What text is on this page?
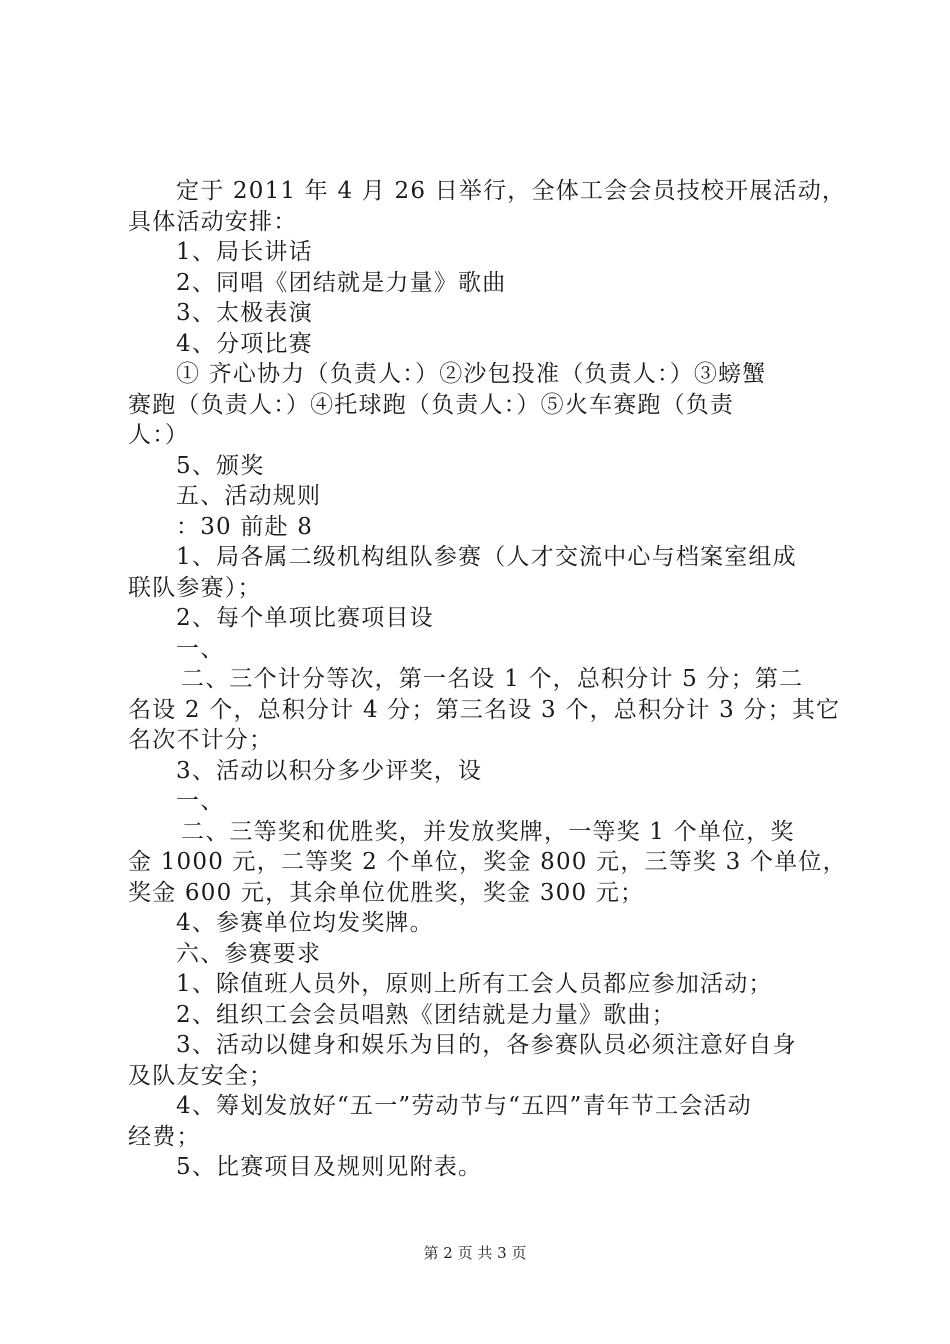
定于 2011 年 4 月 26 日举行，全体工会会员技校开展活动，
具体活动安排：
1、局长讲话
2、同唱《团结就是力量》歌曲
3、太极表演
4、分项比赛
① 齐心协力（负责人：）②沙包投准（负责人：）③螃蟹
赛跑（负责人：）④托球跑（负责人：）⑤火车赛跑（负责
人：）
5、颁奖
五、活动规则
：30 前赴 8
1、局各属二级机构组队参赛（人才交流中心与档案室组成
联队参赛）；
2、每个单项比赛项目设
一、
二、三个计分等次，第一名设 1 个，总积分计 5 分；第二
名设 2 个，总积分计 4 分；第三名设 3 个，总积分计 3 分；其它
名次不计分；
3、活动以积分多少评奖，设
一、
二、三等奖和优胜奖，并发放奖牌，一等奖 1 个单位，奖
金 1000 元，二等奖 2 个单位，奖金 800 元，三等奖 3 个单位，
奖金 600 元，其余单位优胜奖，奖金 300 元；
4、参赛单位均发奖牌。
六、参赛要求
1、除值班人员外，原则上所有工会人员都应参加活动；
2、组织工会会员唱熟《团结就是力量》歌曲；
3、活动以健身和娱乐为目的，各参赛队员必须注意好自身
及队友安全；
4、筹划发放好“五一”劳动节与“五四”青年节工会活动
经费；
5、比赛项目及规则见附表。
第 2 页 共 3 页
